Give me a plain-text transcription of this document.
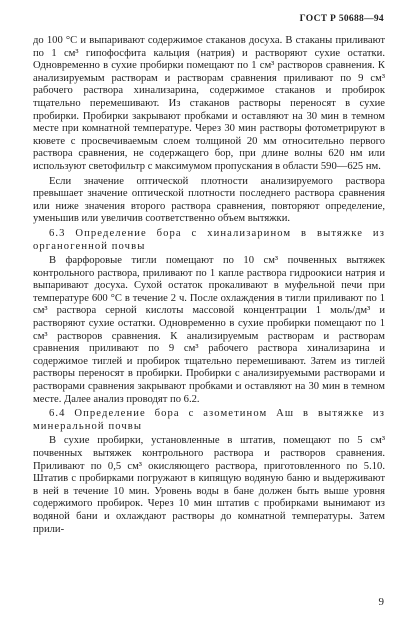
ГОСТ Р 50688—94

до 100 °С и выпаривают содержимое стаканов досуха. В стаканы приливают по 1 см³ гипофосфита кальция (натрия) и растворяют сухие остатки. Одновременно в сухие пробирки помещают по 1 см³ растворов сравнения. К анализируемым растворам и растворам сравнения приливают по 9 см³ рабочего раствора хинализарина, содержимое стаканов и пробирок тщательно перемешивают. Из стаканов растворы переносят в сухие пробирки. Пробирки закрывают пробками и оставляют на 30 мин в темном месте при комнатной температуре. Через 30 мин растворы фотометрируют в кювете с просвечиваемым слоем толщиной 20 мм относительно первого раствора сравнения, не содержащего бор, при длине волны 620 нм или используют светофильтр с максимумом пропускания в области 590—625 нм.

Если значение оптической плотности анализируемого раствора превышает значение оптической плотности последнего раствора сравнения или ниже значения второго раствора сравнения, повторяют определение, уменьшив или увеличив соответственно объем вытяжки.

6.3 Определение бора с хинализарином в вытяжке из органогенной почвы

В фарфоровые тигли помещают по 10 см³ почвенных вытяжек контрольного раствора, приливают по 1 капле раствора гидроокиси натрия и выпаривают досуха. Сухой остаток прокаливают в муфельной печи при температуре 600 °С в течение 2 ч. После охлаждения в тигли приливают по 1 см³ раствора серной кислоты массовой концентрации 1 моль/дм³ и растворяют сухие остатки. Одновременно в сухие пробирки помещают по 1 см³ растворов сравнения. К анализируемым растворам и растворам сравнения приливают по 9 см³ рабочего раствора хинализарина и содержимое тиглей и пробирок тщательно перемешивают. Затем из тиглей растворы переносят в пробирки. Пробирки с анализируемыми растворами и растворами сравнения закрывают пробками и оставляют на 30 мин в темном месте. Далее анализ проводят по 6.2.

6.4 Определение бора с азометином Аш в вытяжке из минеральной почвы

В сухие пробирки, установленные в штатив, помещают по 5 см³ почвенных вытяжек контрольного раствора и растворов сравнения. Приливают по 0,5 см³ окисляющего раствора, приготовленного по 5.10. Штатив с пробирками погружают в кипящую водяную баню и выдерживают в ней в течение 10 мин. Уровень воды в бане должен быть выше уровня содержимого пробирок. Через 10 мин штатив с пробирками вынимают из водяной бани и охлаждают растворы до комнатной температуры. Затем прили-

9
